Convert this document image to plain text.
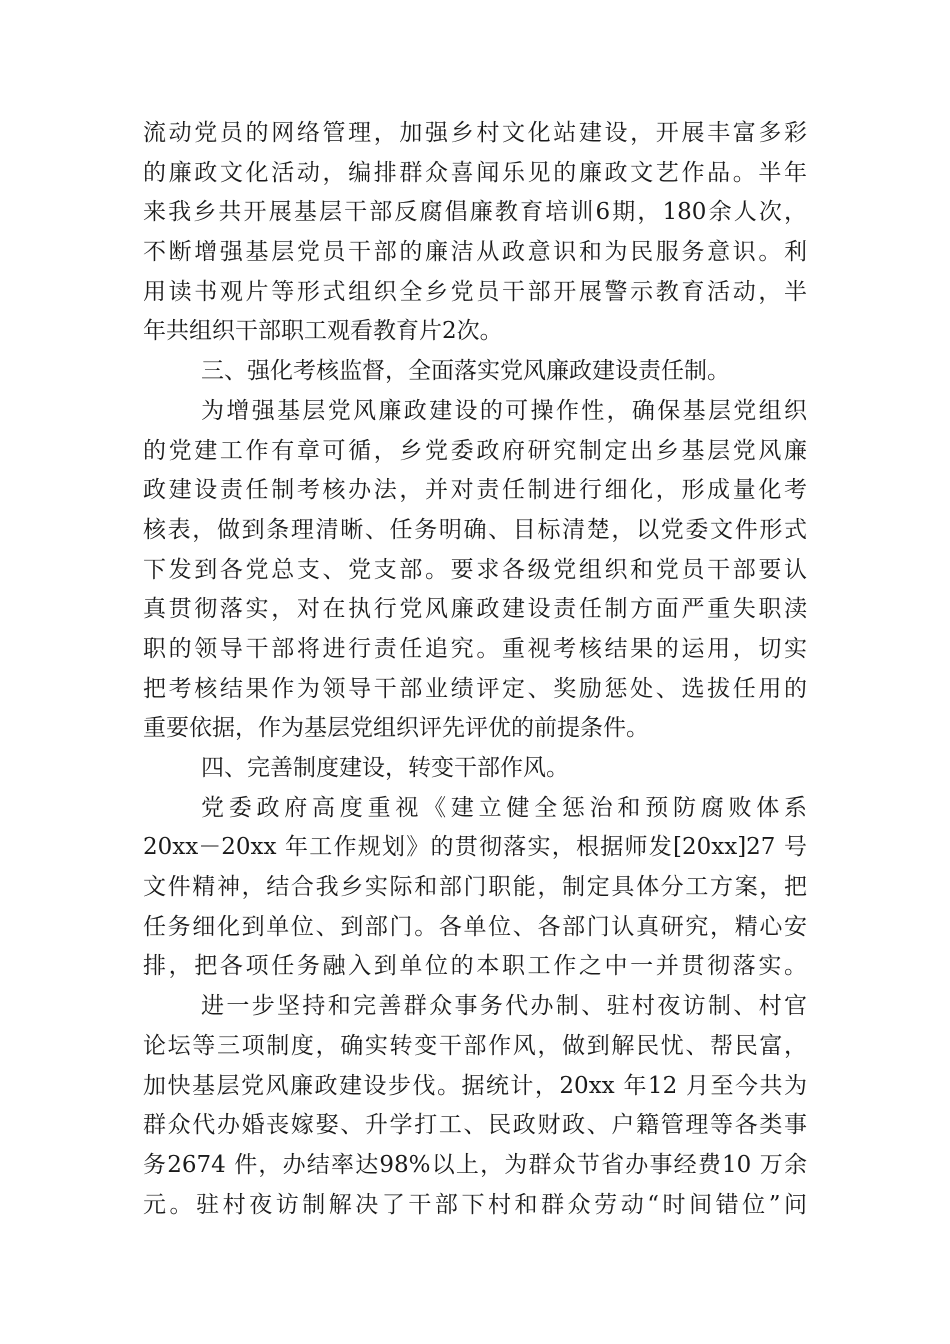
流动党员的网络管理，加强乡村文化站建设，开展丰富多彩
的廉政文化活动，编排群众喜闻乐见的廉政文艺作品。半年
来我乡共开展基层干部反腐倡廉教育培训6期，180余人次，
不断增强基层党员干部的廉洁从政意识和为民服务意识。利
用读书观片等形式组织全乡党员干部开展警示教育活动，半
年共组织干部职工观看教育片2次。
三、强化考核监督，全面落实党风廉政建设责任制。
为增强基层党风廉政建设的可操作性，确保基层党组织
的党建工作有章可循，乡党委政府研究制定出乡基层党风廉
政建设责任制考核办法，并对责任制进行细化，形成量化考
核表，做到条理清晰、任务明确、目标清楚，以党委文件形式
下发到各党总支、党支部。要求各级党组织和党员干部要认
真贯彻落实，对在执行党风廉政建设责任制方面严重失职渎
职的领导干部将进行责任追究。重视考核结果的运用，切实
把考核结果作为领导干部业绩评定、奖励惩处、选拔任用的
重要依据，作为基层党组织评先评优的前提条件。
四、完善制度建设，转变干部作风。
党委政府高度重视《建立健全惩治和预防腐败体系
20xx－20xx 年工作规划》的贯彻落实，根据师发[20xx]27 号
文件精神，结合我乡实际和部门职能，制定具体分工方案，把
任务细化到单位、到部门。各单位、各部门认真研究，精心安
排，把各项任务融入到单位的本职工作之中一并贯彻落实。
进一步坚持和完善群众事务代办制、驻村夜访制、村官
论坛等三项制度，确实转变干部作风，做到解民忧、帮民富，
加快基层党风廉政建设步伐。据统计，20xx 年12 月至今共为
群众代办婚丧嫁娶、升学打工、民政财政、户籍管理等各类事
务2674 件，办结率达98%以上，为群众节省办事经费10 万余
元。驻村夜访制解决了干部下村和群众劳动“时间错位”问
